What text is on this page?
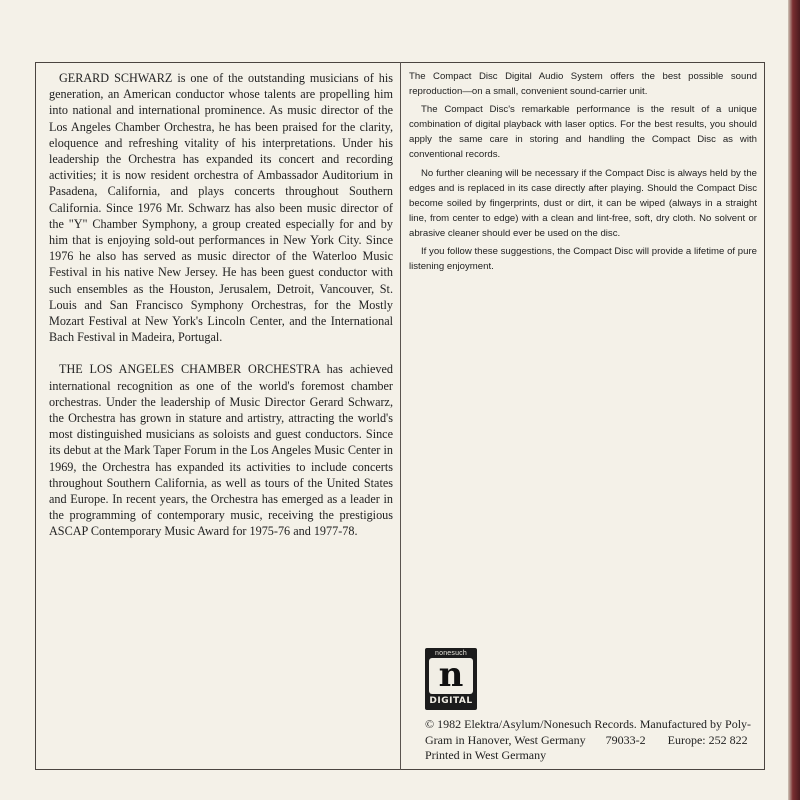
GERARD SCHWARZ is one of the outstanding musicians of his generation, an American conductor whose talents are propelling him into national and international prominence. As music director of the Los Angeles Chamber Orchestra, he has been praised for the clarity, eloquence and refreshing vitality of his interpretations. Under his leadership the Orchestra has expanded its concert and recording activities; it is now resident orchestra of Ambassador Auditorium in Pasadena, California, and plays concerts throughout Southern California. Since 1976 Mr. Schwarz has also been music director of the "Y" Chamber Symphony, a group created especially for and by him that is enjoying sold-out performances in New York City. Since 1976 he also has served as music director of the Waterloo Music Festival in his native New Jersey. He has been guest conductor with such ensembles as the Houston, Jerusalem, Detroit, Vancouver, St. Louis and San Francisco Symphony Orchestras, for the Mostly Mozart Festival at New York's Lincoln Center, and the International Bach Festival in Madeira, Portugal.

THE LOS ANGELES CHAMBER ORCHESTRA has achieved international recognition as one of the world's foremost chamber orchestras. Under the leadership of Music Director Gerard Schwarz, the Orchestra has grown in stature and artistry, attracting the world's most distinguished musicians as soloists and guest conductors. Since its debut at the Mark Taper Forum in the Los Angeles Music Center in 1969, the Orchestra has expanded its activities to include concerts throughout Southern California, as well as tours of the United States and Europe. In recent years, the Orchestra has emerged as a leader in the programming of contemporary music, receiving the prestigious ASCAP Contemporary Music Award for 1975-76 and 1977-78.

The Compact Disc Digital Audio System offers the best possible sound reproduction—on a small, convenient sound-carrier unit.

The Compact Disc's remarkable performance is the result of a unique combination of digital playback with laser optics. For the best results, you should apply the same care in storing and handling the Compact Disc as with conventional records.

No further cleaning will be necessary if the Compact Disc is always held by the edges and is replaced in its case directly after playing. Should the Compact Disc become soiled by fingerprints, dust or dirt, it can be wiped (always in a straight line, from center to edge) with a clean and lint-free, soft, dry cloth. No solvent or abrasive cleaner should ever be used on the disc.

If you follow these suggestions, the Compact Disc will provide a lifetime of pure listening enjoyment.

nonesuch
n
DIGITAL
© 1982 Elektra/Asylum/Nonesuch Records. Manufactured by Poly-
Gram in Hanover, West Germany 79033-2 Europe: 252 822
Printed in West Germany
